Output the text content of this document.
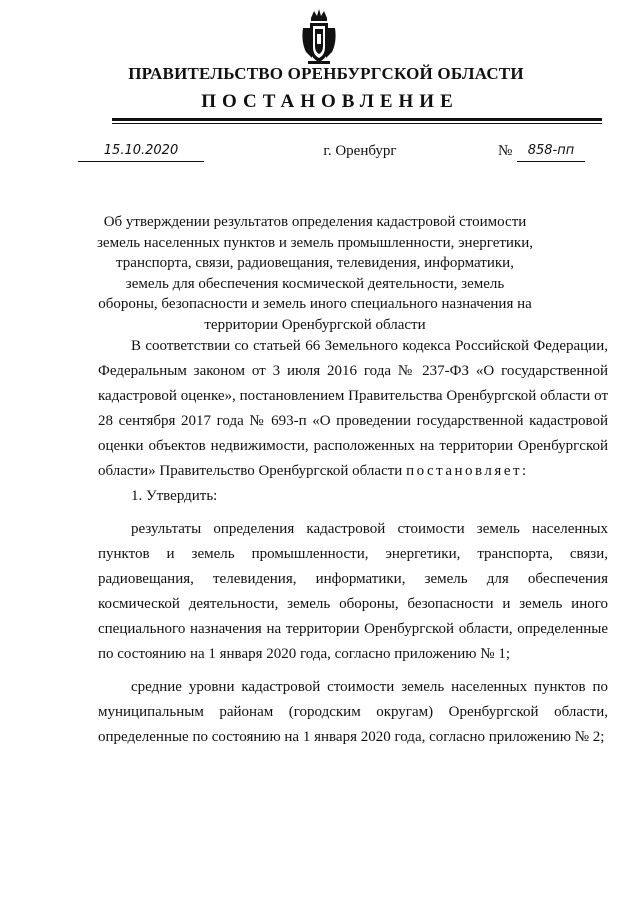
ПРАВИТЕЛЬСТВО ОРЕНБУРГСКОЙ ОБЛАСТИ
ПОСТАНОВЛЕНИЕ
15.10.2020	г. Оренбург	№	858-пп
Об утверждении результатов определения кадастровой стоимости земель населенных пунктов и земель промышленности, энергетики, транспорта, связи, радиовещания, телевидения, информатики, земель для обеспечения космической деятельности, земель обороны, безопасности и земель иного специального назначения на территории Оренбургской области

В соответствии со статьей 66 Земельного кодекса Российской Федерации, Федеральным законом от 3 июля 2016 года № 237-ФЗ «О государственной кадастровой оценке», постановлением Правительства Оренбургской области от 28 сентября 2017 года № 693-п «О проведении государственной кадастровой оценки объектов недвижимости, расположенных на территории Оренбургской области» Правительство Оренбургской области постановляет:

1. Утвердить:

результаты определения кадастровой стоимости земель населенных пунктов и земель промышленности, энергетики, транспорта, связи, радиовещания, телевидения, информатики, земель для обеспечения космической деятельности, земель обороны, безопасности и земель иного специального назначения на территории Оренбургской области, определенные по состоянию на 1 января 2020 года, согласно приложению № 1;

средние уровни кадастровой стоимости земель населенных пунктов по муниципальным районам (городским округам) Оренбургской области, определенные по состоянию на 1 января 2020 года, согласно приложению № 2;
